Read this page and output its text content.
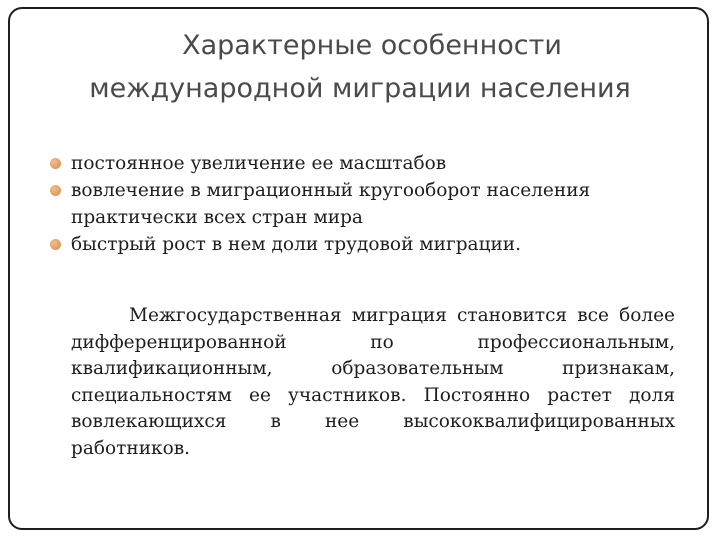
Характерные особенности
международной миграции населения
постоянное увеличение ее масштабов
вовлечение в миграционный кругооборот населения
практически всех стран мира
быстрый рост в нем доли трудовой миграции.

Межгосударственная миграция становится все более дифференцированной по профессиональным, квалификационным, образовательным признакам, специальностям ее участников. Постоянно растет доля вовлекающихся в нее высококвалифицированных работников.
